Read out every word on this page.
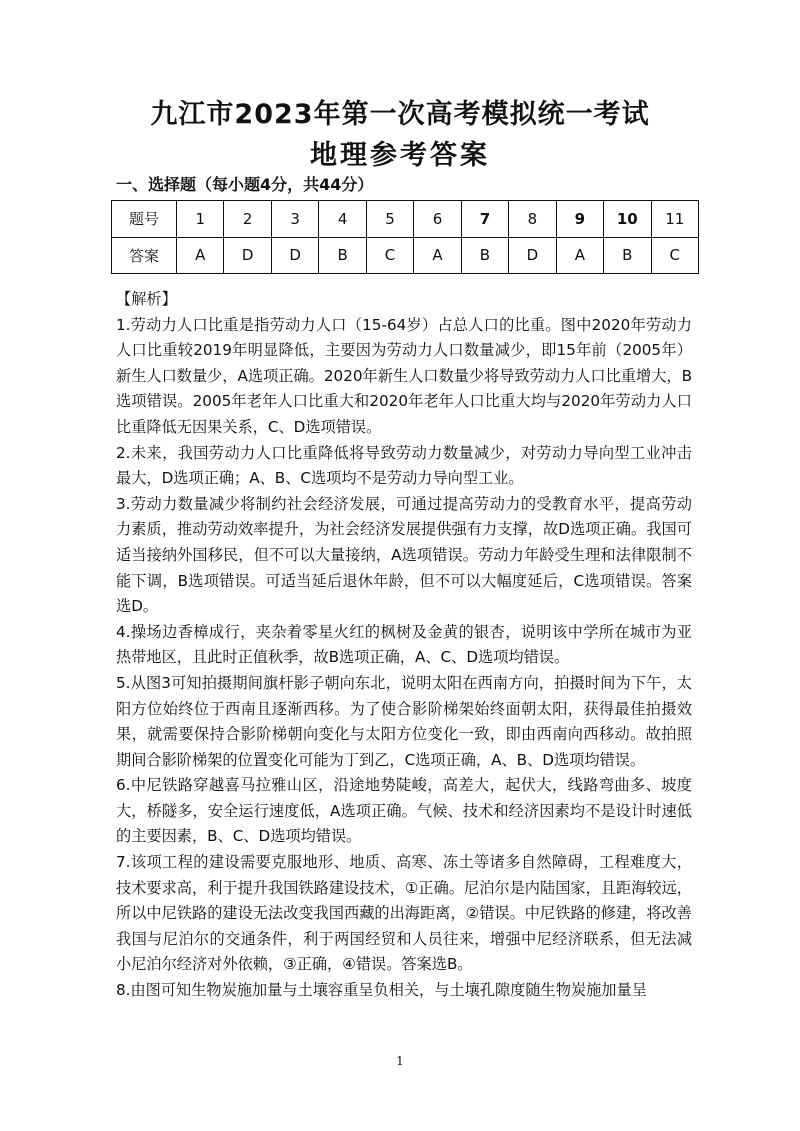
九江市2023年第一次高考模拟统一考试
地理参考答案
一、选择题（每小题4分，共44分）
题号	1	2	3	4	5	6	7	8	9	10	11
答案	A	D	D	B	C	A	B	D	A	B	C

【解析】

1.劳动力人口比重是指劳动力人口（15-64岁）占总人口的比重。图中2020年劳动力人口比重较2019年明显降低，主要因为劳动力人口数量减少，即15年前（2005年）新生人口数量少，A选项正确。2020年新生人口数量少将导致劳动力人口比重增大，B选项错误。2005年老年人口比重大和2020年老年人口比重大均与2020年劳动力人口比重降低无因果关系，C、D选项错误。

2.未来，我国劳动力人口比重降低将导致劳动力数量减少，对劳动力导向型工业冲击最大，D选项正确；A、B、C选项均不是劳动力导向型工业。

3.劳动力数量减少将制约社会经济发展，可通过提高劳动力的受教育水平，提高劳动力素质，推动劳动效率提升，为社会经济发展提供强有力支撑，故D选项正确。我国可适当接纳外国移民，但不可以大量接纳，A选项错误。劳动力年龄受生理和法律限制不能下调，B选项错误。可适当延后退休年龄，但不可以大幅度延后，C选项错误。答案选D。

4.操场边香樟成行，夹杂着零星火红的枫树及金黄的银杏，说明该中学所在城市为亚热带地区，且此时正值秋季，故B选项正确，A、C、D选项均错误。

5.从图3可知拍摄期间旗杆影子朝向东北，说明太阳在西南方向，拍摄时间为下午，太阳方位始终位于西南且逐渐西移。为了使合影阶梯架始终面朝太阳，获得最佳拍摄效果，就需要保持合影阶梯朝向变化与太阳方位变化一致，即由西南向西移动。故拍照期间合影阶梯架的位置变化可能为丁到乙，C选项正确，A、B、D选项均错误。

6.中尼铁路穿越喜马拉雅山区，沿途地势陡峻，高差大，起伏大，线路弯曲多、坡度大，桥隧多，安全运行速度低，A选项正确。气候、技术和经济因素均不是设计时速低的主要因素，B、C、D选项均错误。

7.该项工程的建设需要克服地形、地质、高寒、冻土等诸多自然障碍，工程难度大，技术要求高，利于提升我国铁路建设技术，①正确。尼泊尔是内陆国家，且距海较远，所以中尼铁路的建设无法改变我国西藏的出海距离，②错误。中尼铁路的修建，将改善我国与尼泊尔的交通条件，利于两国经贸和人员往来，增强中尼经济联系，但无法减小尼泊尔经济对外依赖，③正确，④错误。答案选B。

8.由图可知生物炭施加量与土壤容重呈负相关，与土壤孔隙度随生物炭施加量呈

1
